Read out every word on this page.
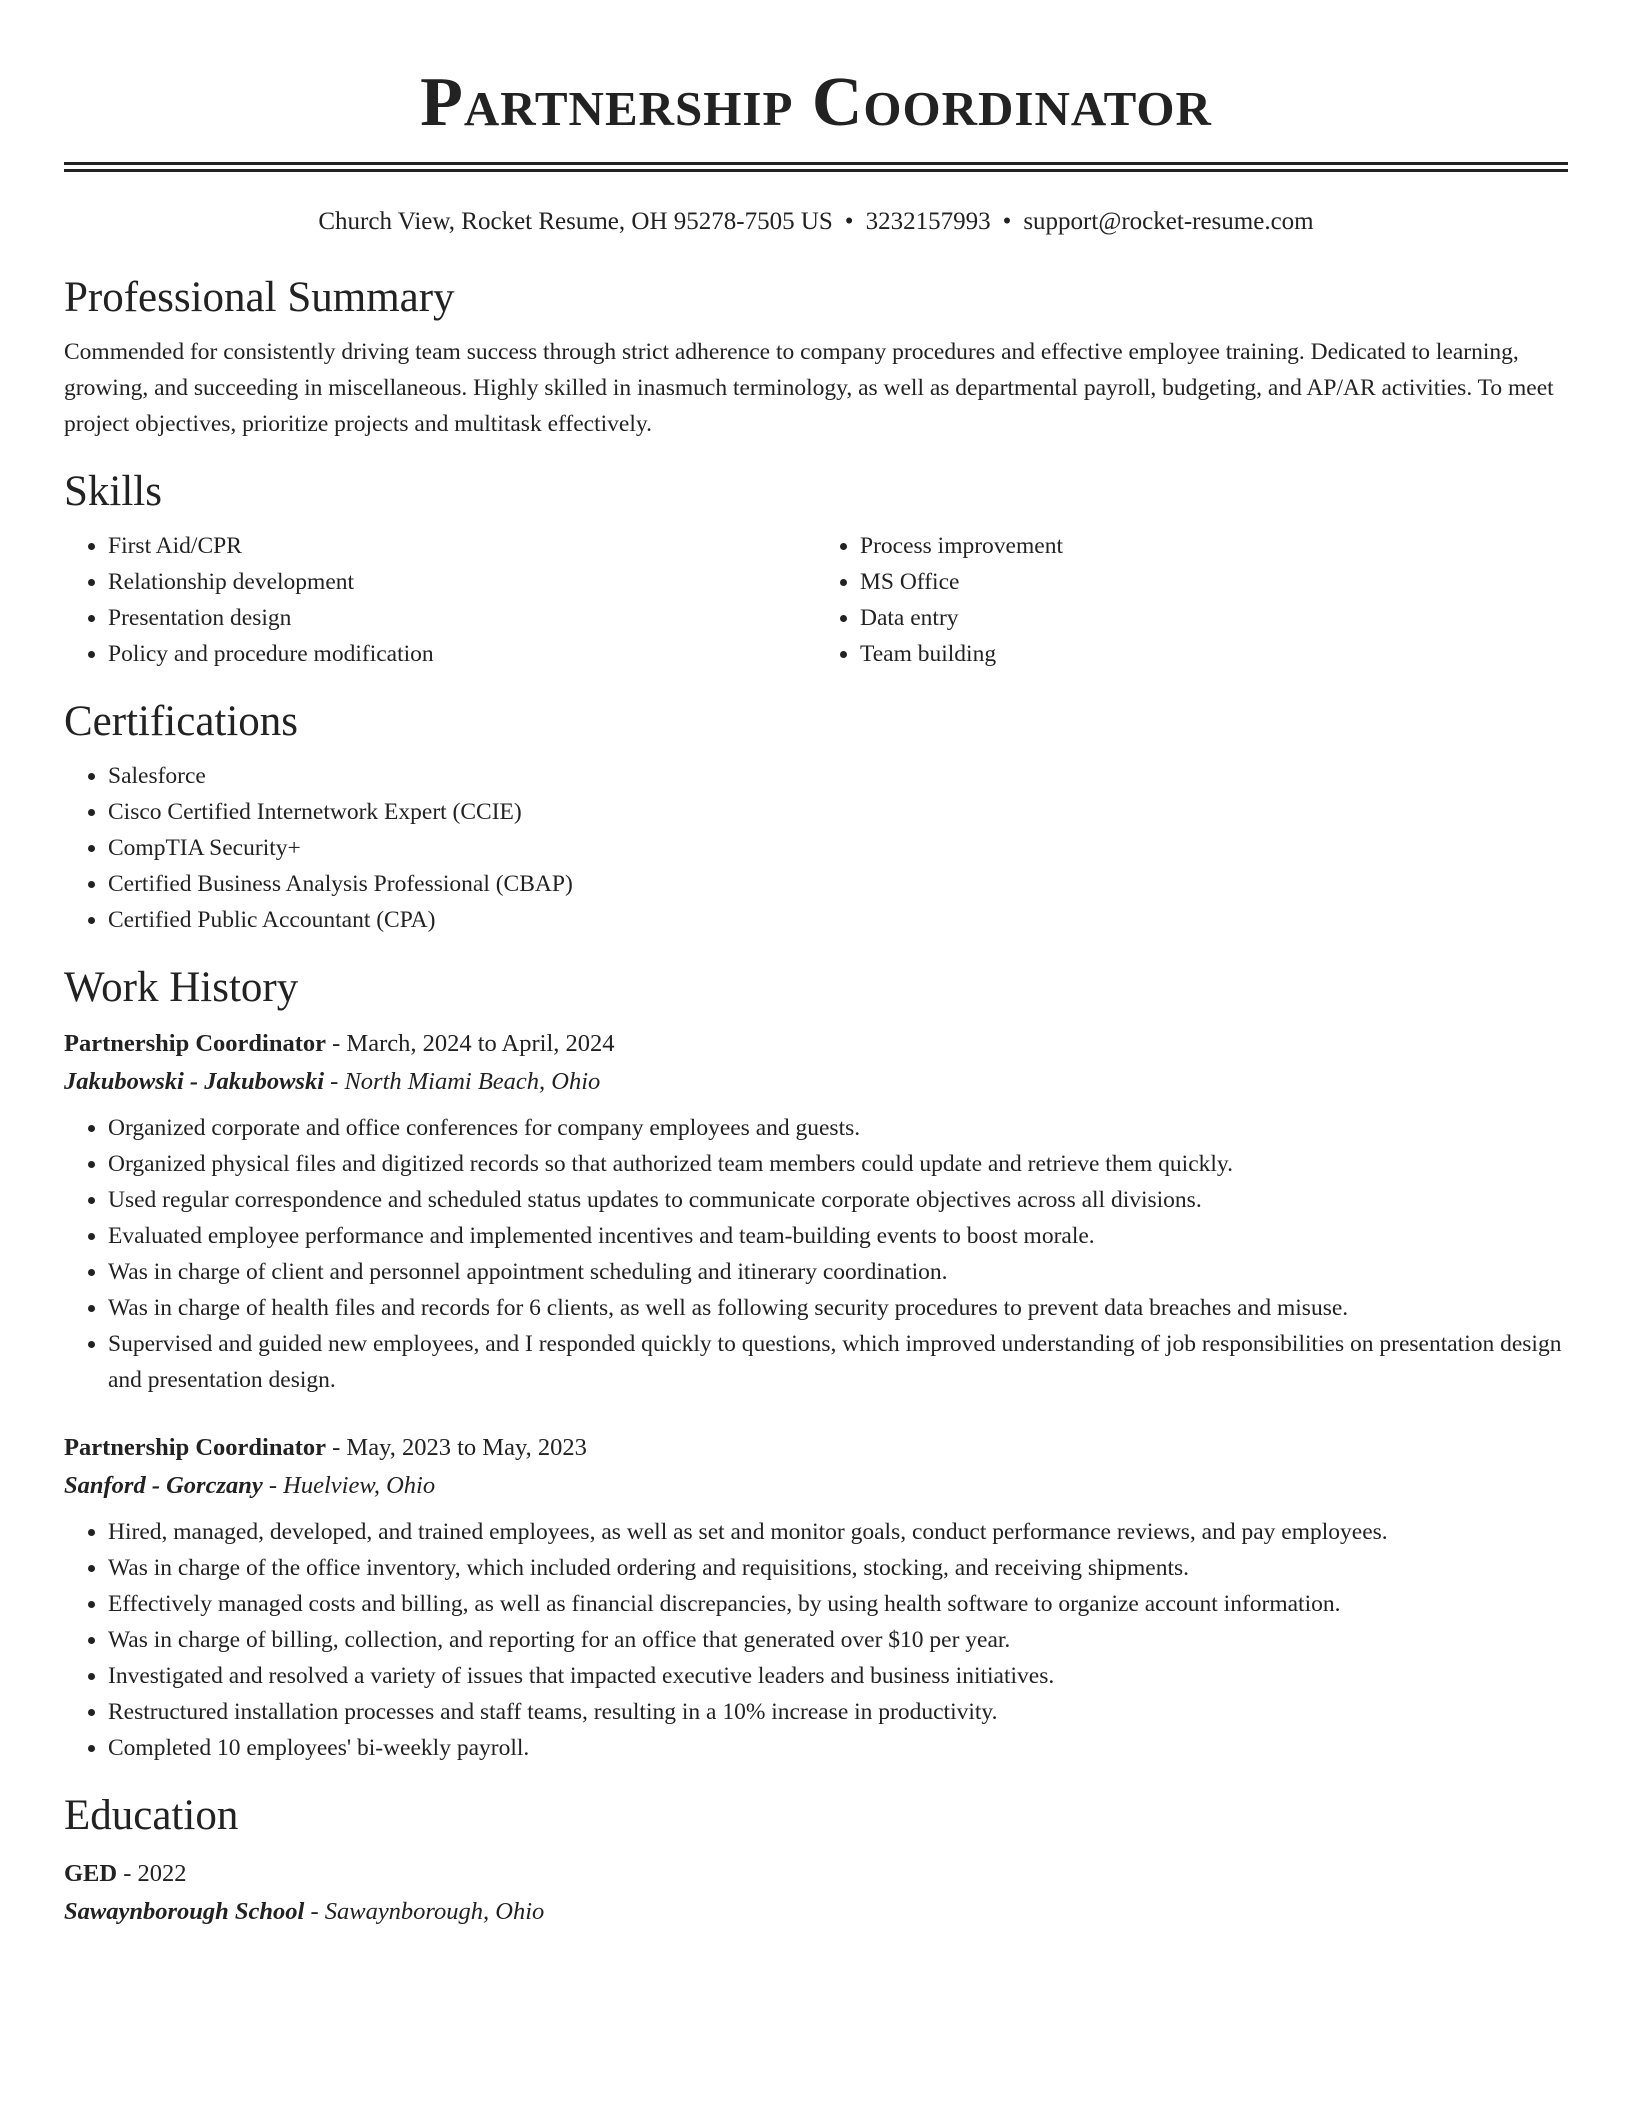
Partnership Coordinator
Church View, Rocket Resume, OH 95278-7505 US • 3232157993 • support@rocket-resume.com
Professional Summary

Commended for consistently driving team success through strict adherence to company procedures and effective employee training. Dedicated to learning, growing, and succeeding in miscellaneous. Highly skilled in inasmuch terminology, as well as departmental payroll, budgeting, and AP/AR activities. To meet project objectives, prioritize projects and multitask effectively.

Skills
• First Aid/CPR
• Relationship development
• Presentation design
• Policy and procedure modification
• Process improvement
• MS Office
• Data entry
• Team building
Certifications
• Salesforce
• Cisco Certified Internetwork Expert (CCIE)
• CompTIA Security+
• Certified Business Analysis Professional (CBAP)
• Certified Public Accountant (CPA)
Work History

Partnership Coordinator - March, 2024 to April, 2024

Jakubowski - Jakubowski - North Miami Beach, Ohio

• Organized corporate and office conferences for company employees and guests.
• Organized physical files and digitized records so that authorized team members could update and retrieve them quickly.
• Used regular correspondence and scheduled status updates to communicate corporate objectives across all divisions.
• Evaluated employee performance and implemented incentives and team-building events to boost morale.
• Was in charge of client and personnel appointment scheduling and itinerary coordination.
• Was in charge of health files and records for 6 clients, as well as following security procedures to prevent data breaches and misuse.
• Supervised and guided new employees, and I responded quickly to questions, which improved understanding of job responsibilities on presentation design and presentation design.

Partnership Coordinator - May, 2023 to May, 2023

Sanford - Gorczany - Huelview, Ohio

• Hired, managed, developed, and trained employees, as well as set and monitor goals, conduct performance reviews, and pay employees.
• Was in charge of the office inventory, which included ordering and requisitions, stocking, and receiving shipments.
• Effectively managed costs and billing, as well as financial discrepancies, by using health software to organize account information.
• Was in charge of billing, collection, and reporting for an office that generated over $10 per year.
• Investigated and resolved a variety of issues that impacted executive leaders and business initiatives.
• Restructured installation processes and staff teams, resulting in a 10% increase in productivity.
• Completed 10 employees' bi-weekly payroll.
Education

GED - 2022

Sawaynborough School - Sawaynborough, Ohio
